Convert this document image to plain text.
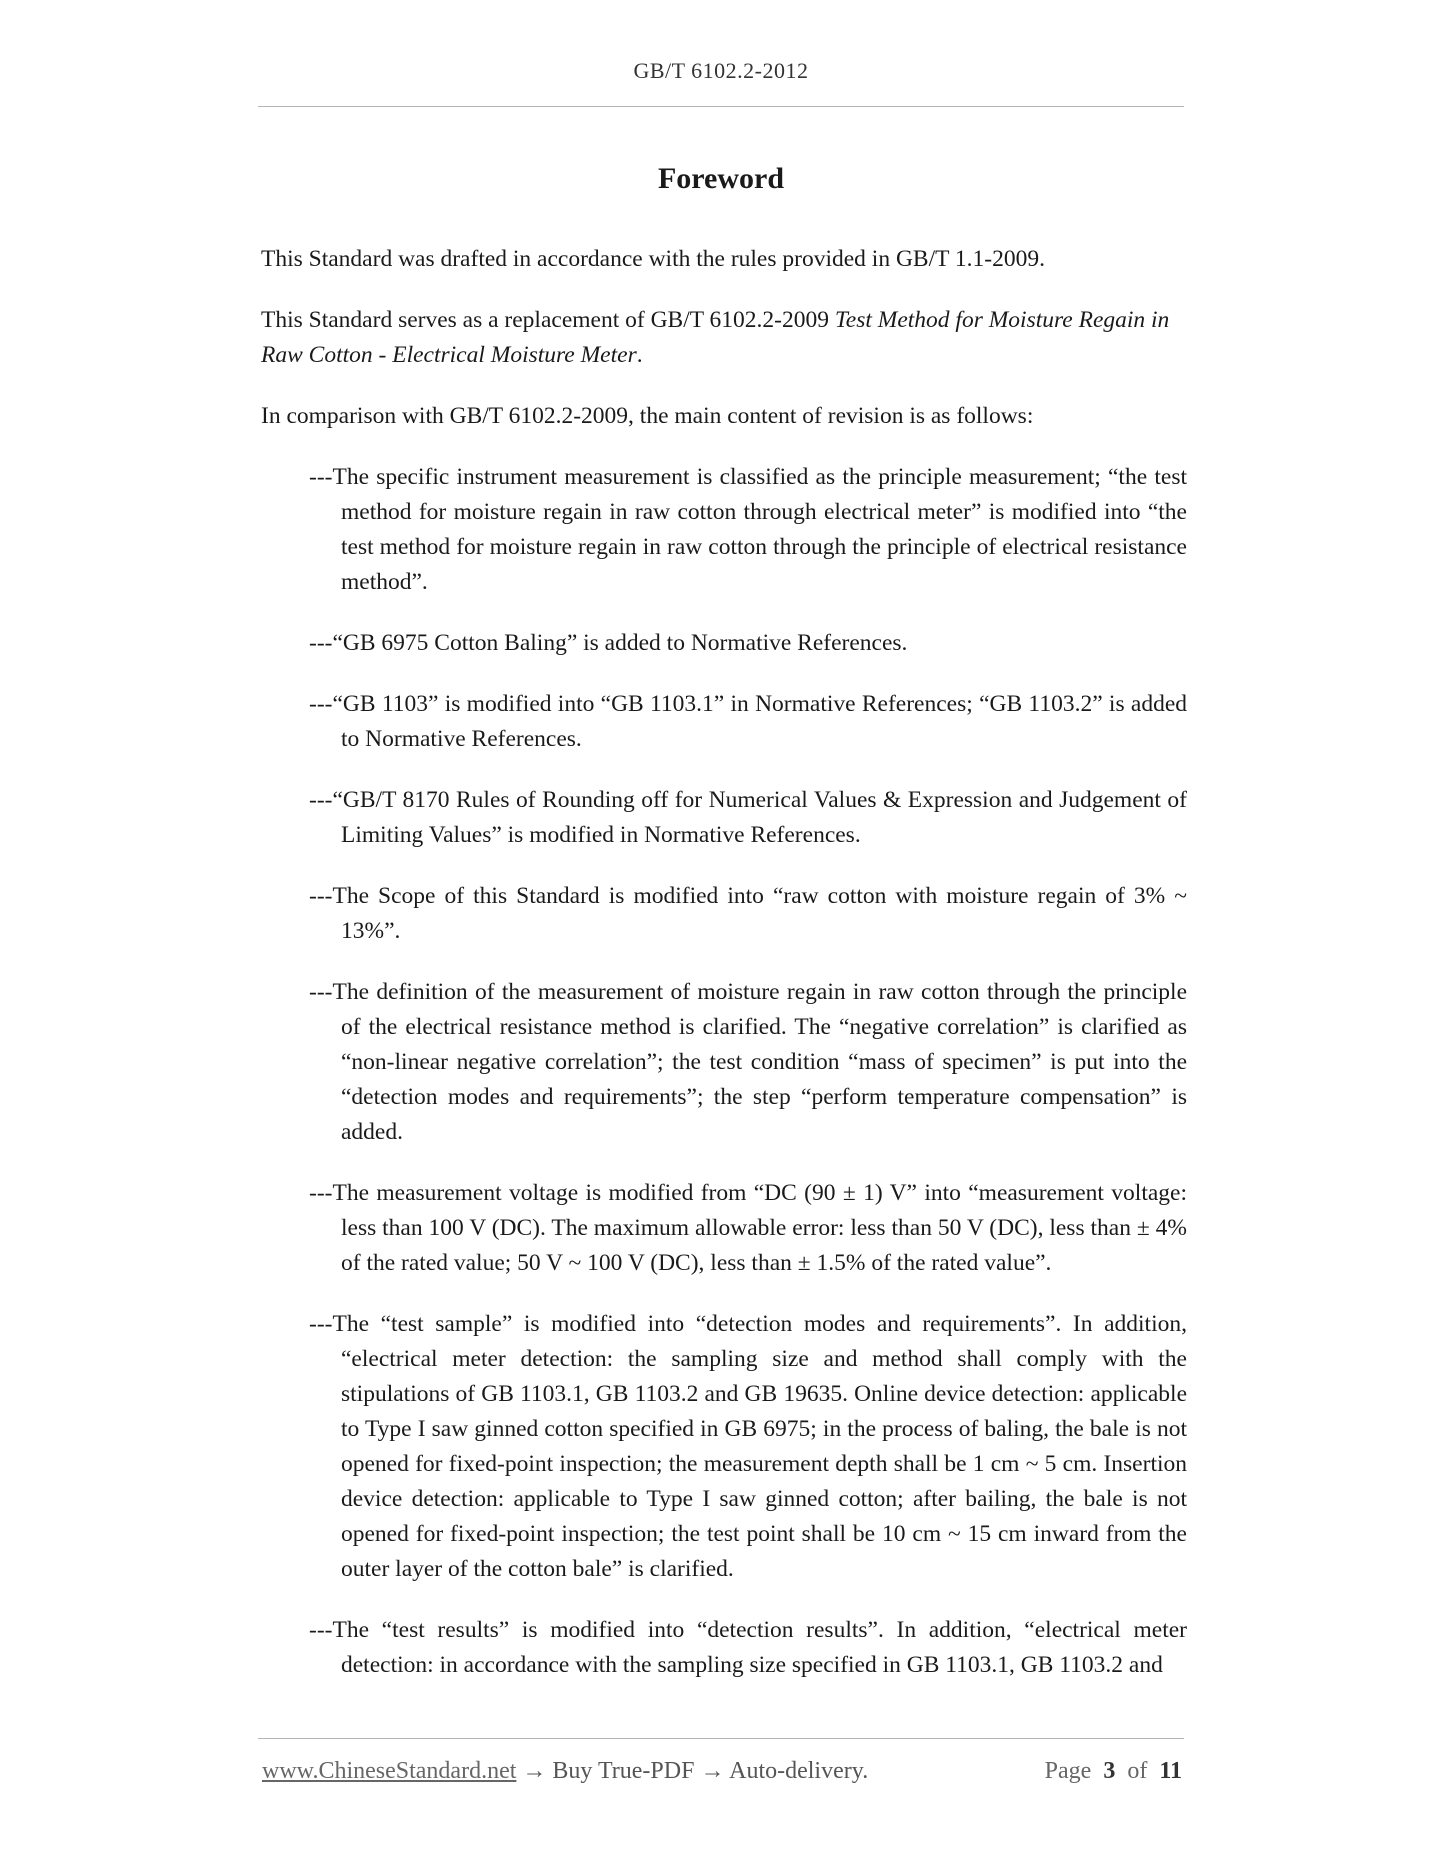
GB/T 6102.2-2012
Foreword

This Standard was drafted in accordance with the rules provided in GB/T 1.1-2009.

This Standard serves as a replacement of GB/T 6102.2-2009 Test Method for Moisture Regain in Raw Cotton - Electrical Moisture Meter.

In comparison with GB/T 6102.2-2009, the main content of revision is as follows:

---The specific instrument measurement is classified as the principle measurement; “the test method for moisture regain in raw cotton through electrical meter” is modified into “the test method for moisture regain in raw cotton through the principle of electrical resistance method”.
---“GB 6975 Cotton Baling” is added to Normative References.
---“GB 1103” is modified into “GB 1103.1” in Normative References; “GB 1103.2” is added to Normative References.
---“GB/T 8170 Rules of Rounding off for Numerical Values & Expression and Judgement of Limiting Values” is modified in Normative References.
---The Scope of this Standard is modified into “raw cotton with moisture regain of 3% ~ 13%”.
---The definition of the measurement of moisture regain in raw cotton through the principle of the electrical resistance method is clarified. The “negative correlation” is clarified as “non-linear negative correlation”; the test condition “mass of specimen” is put into the “detection modes and requirements”; the step “perform temperature compensation” is added.
---The measurement voltage is modified from “DC (90 ± 1) V” into “measurement voltage: less than 100 V (DC). The maximum allowable error: less than 50 V (DC), less than ± 4% of the rated value; 50 V ~ 100 V (DC), less than ± 1.5% of the rated value”.
---The “test sample” is modified into “detection modes and requirements”. In addition, “electrical meter detection: the sampling size and method shall comply with the stipulations of GB 1103.1, GB 1103.2 and GB 19635. Online device detection: applicable to Type I saw ginned cotton specified in GB 6975; in the process of baling, the bale is not opened for fixed-point inspection; the measurement depth shall be 1 cm ~ 5 cm. Insertion device detection: applicable to Type I saw ginned cotton; after bailing, the bale is not opened for fixed-point inspection; the test point shall be 10 cm ~ 15 cm inward from the outer layer of the cotton bale” is clarified.
---The “test results” is modified into “detection results”. In addition, “electrical meter detection: in accordance with the sampling size specified in GB 1103.1, GB 1103.2 and
www.ChineseStandard.net → Buy True-PDF → Auto-delivery.	Page 3 of 11
